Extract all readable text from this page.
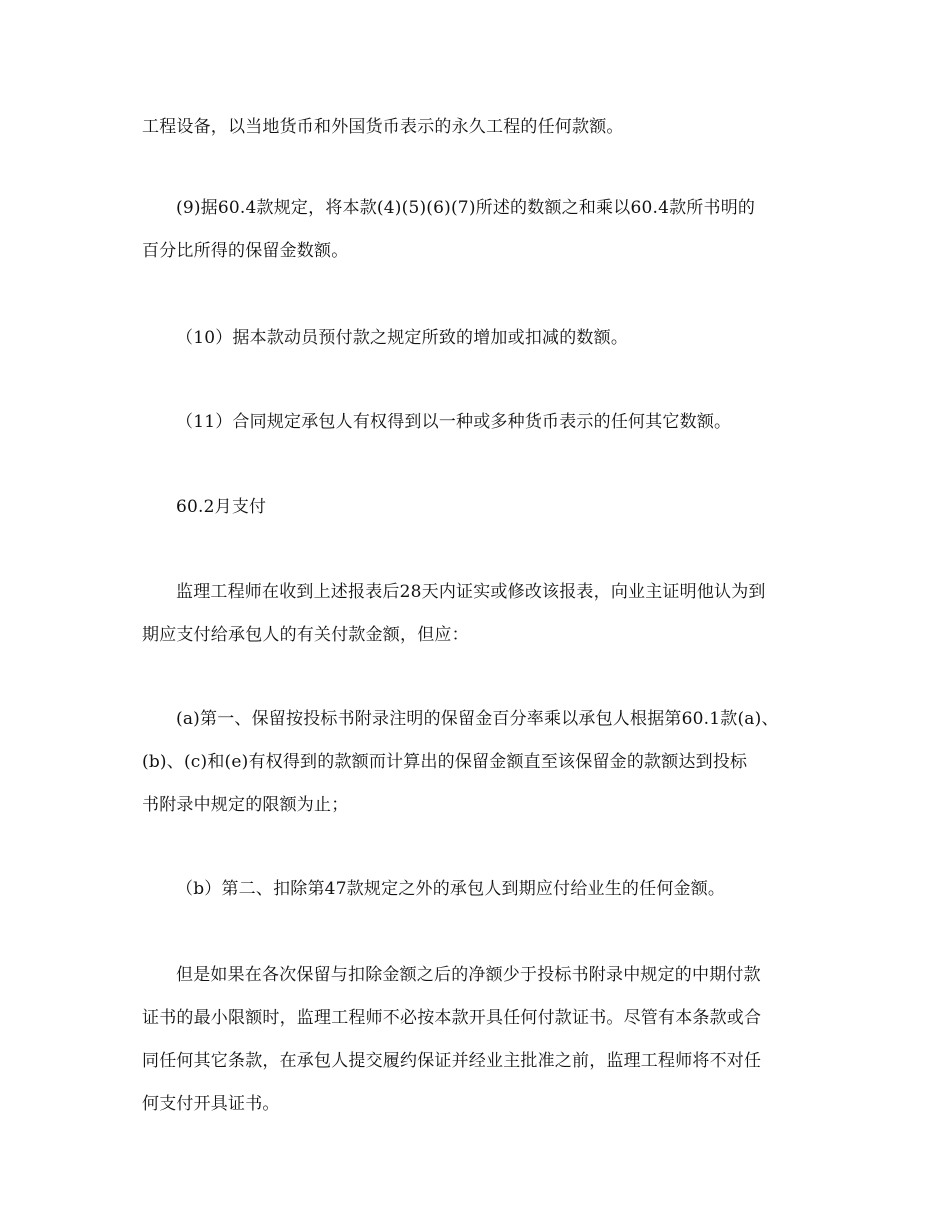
工程设备，以当地货币和外国货币表示的永久工程的任何款额。
(9)据60.4款规定，将本款(4)(5)(6)(7)所述的数额之和乘以60.4款所书明的
百分比所得的保留金数额。
（10）据本款动员预付款之规定所致的增加或扣减的数额。
（11）合同规定承包人有权得到以一种或多种货币表示的任何其它数额。
60.2月支付
监理工程师在收到上述报表后28天内证实或修改该报表，向业主证明他认为到
期应支付给承包人的有关付款金额，但应：
(a)第一、保留按投标书附录注明的保留金百分率乘以承包人根据第60.1款(a)、
(b)、(c)和(e)有权得到的款额而计算出的保留金额直至该保留金的款额达到投标
书附录中规定的限额为止；
（b）第二、扣除第47款规定之外的承包人到期应付给业生的任何金额。
但是如果在各次保留与扣除金额之后的净额少于投标书附录中规定的中期付款
证书的最小限额时，监理工程师不必按本款开具任何付款证书。尽管有本条款或合
同任何其它条款，在承包人提交履约保证并经业主批准之前，监理工程师将不对任
何支付开具证书。
